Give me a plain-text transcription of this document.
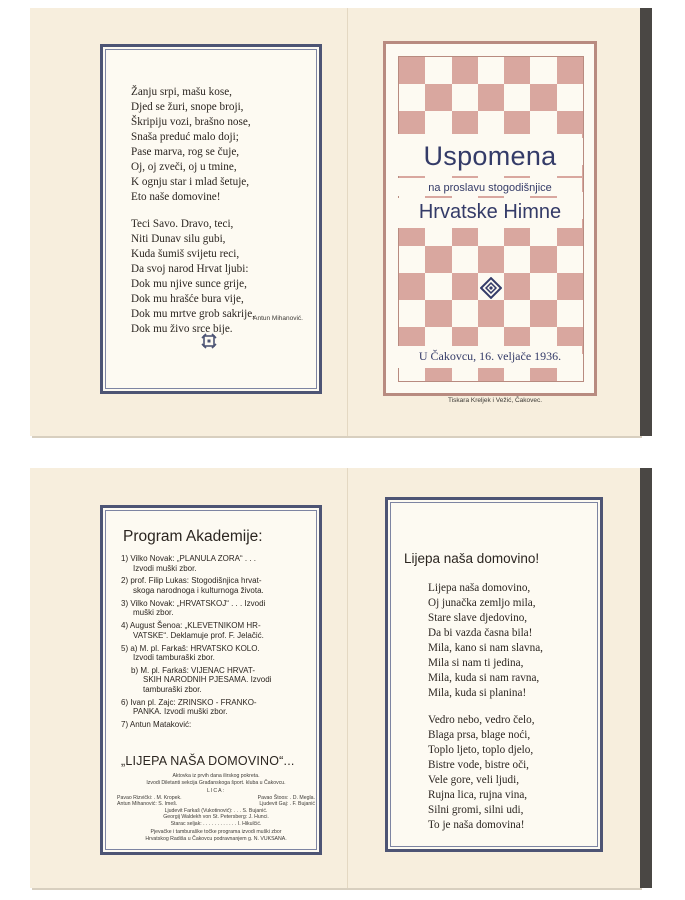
Žanju srpi, mašu kose,
Djed se žuri, snope broji,
Škripiju vozi, brašno nose,
Snaša preduć malo doji;
Pase marva, rog se čuje,
Oj, oj zveči, oj u tmine,
K ognju star i mlad šetuje,
Eto naše domovine!
Teci Savo. Dravo, teci,
Niti Dunav silu gubi,
Kuda šumiš svijetu reci,
Da svoj narod Hrvat ljubi:
Dok mu njive sunce grije,
Dok mu hrašće bura vije,
Dok mu mrtve grob sakrije,
Dok mu živo srce bije.
Antun Mihanović.
Uspomena
na proslavu stogodišnjice
Hrvatske Himne
U Čakovcu, 16. veljače 1936.
Tiskara Kreljek i Vežić, Čakovec.
Program Akademije:
1) Vilko Novak: „PLANULA ZORA“ . . .
Izvodi muški zbor.
2) prof. Filip Lukas: Stogodišnjica hrvat-
skoga narodnoga i kulturnoga života.
3) Vilko Novak: „HRVATSKOJ“ . . . Izvodi
muški zbor.
4) August Šenoa: „KLEVETNIKOM HR-
VATSKE“. Deklamuje prof. F. Jelačić.
5) a) M. pl. Farkaš: HRVATSKO KOLO.
Izvodi tamburaški zbor.
b) M. pl. Farkaš: VIJENAC HRVAT-
SKIH NARODNIH PJESAMA. Izvodi
tamburaški zbor.
6) Ivan pl. Zajc: ZRINSKO - FRANKO-
PANKA. Izvodi muški zbor.
7) Antun Mataković:
„LIJEPA NAŠA DOMOVINO“...
Aktovka iz prvih dana ilirskog pokreta.
Izvodi Diletanti sekcija Građanskoga šport. kluba u Čakovcu.
LICA:
Pavao Rizvički: . M. Kropek.	Pavao Štoos: . D. Megla.
Antun Mihanović: S. Imeš.	Ljudevit Gaj: . F. Bujanić
Ljudevit Farkaš (Vukotinović): . . . S. Bujanić.
Georgij Waldekh von St. Petersberg: J. Hunci.
Starac seljak: . . . . . . . . . . . . I. Hikulčić.
Pjevačke i tamburaške točke programa izvodi muški zbor
Hrvatskog Radiša u Čakovcu podravnanjem g. N. VUKSANA.
Lijepa naša domovino!
Lijepa naša domovino,
Oj junačka zemljo mila,
Stare slave djedovino,
Da bi vazda časna bila!
Mila, kano si nam slavna,
Mila si nam ti jedina,
Mila, kuda si nam ravna,
Mila, kuda si planina!
Vedro nebo, vedro čelo,
Blaga prsa, blage noći,
Toplo ljeto, toplo djelo,
Bistre vode, bistre oči,
Vele gore, veli ljudi,
Rujna lica, rujna vina,
Silni gromi, silni udi,
To je naša domovina!
